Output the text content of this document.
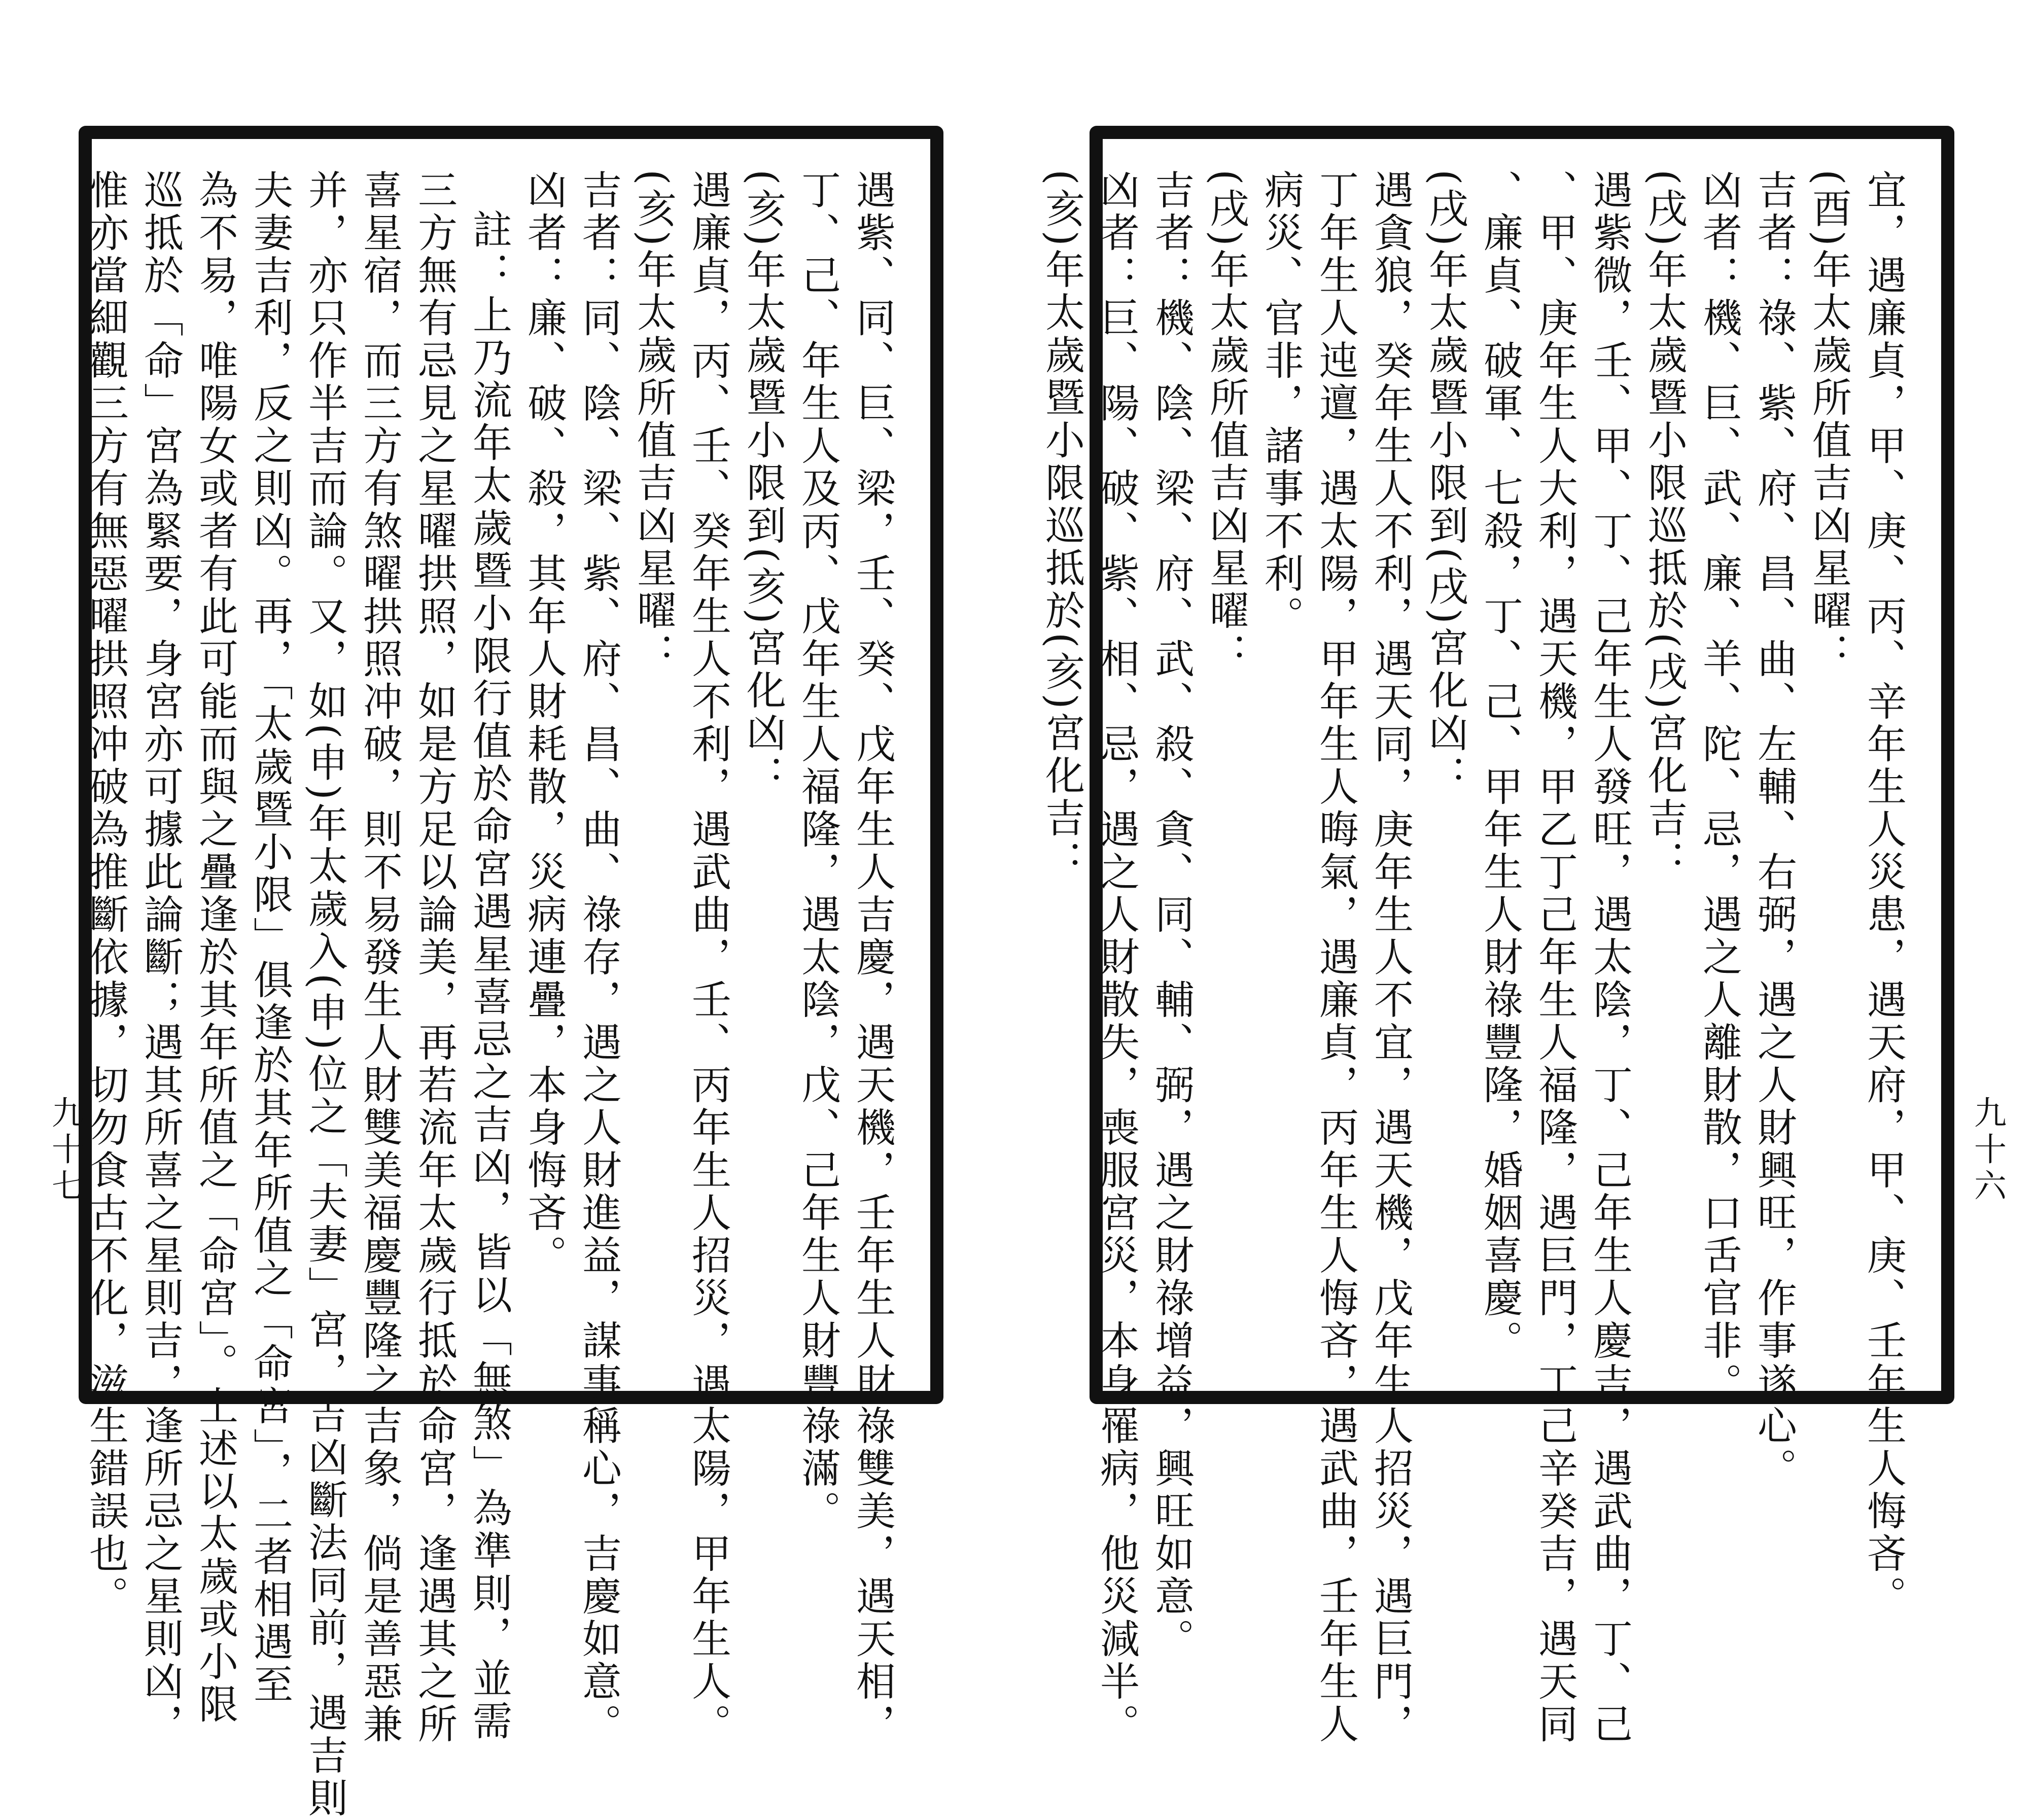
遇紫、同、巨、梁，壬、癸、戊年生人吉慶，遇天機，壬年生人財祿雙美，遇天相，
丁、己、年生人及丙、戊年生人福隆，遇太陰，戊、己年生人財豐祿滿。
(亥)年太歲暨小限到(亥)宮化凶：
遇廉貞，丙、壬、癸年生人不利，遇武曲，壬、丙年生人招災，遇太陽，甲年生人。
(亥)年太歲所值吉凶星曜：
吉者：同、陰、梁、紫、府、昌、曲、祿存，遇之人財進益，謀事稱心，吉慶如意。
凶者：廉、破、殺，其年人財耗散，災病連疊，本身悔吝。
註：上乃流年太歲暨小限行值於命宮遇星喜忌之吉凶，皆以「無煞」為準則，並需
三方無有忌見之星曜拱照，如是方足以論美，再若流年太歲行抵於命宮，逢遇其之所
喜星宿，而三方有煞曜拱照冲破，則不易發生人財雙美福慶豐隆之吉象，倘是善惡兼
并，亦只作半吉而論。又，如(申)年太歲入(申)位之「夫妻」宮，吉凶斷法同前，遇吉則
夫妻吉利，反之則凶。再，「太歲暨小限」俱逢於其年所值之「命宮」，二者相遇至
為不易，唯陽女或者有此可能而與之疊逢於其年所值之「命宮」。上述以太歲或小限
巡抵於「命」宮為緊要，身宮亦可據此論斷；遇其所喜之星則吉，逢所忌之星則凶，
惟亦當細觀三方有無惡曜拱照冲破為推斷依據，切勿食古不化，滋生錯誤也。
九十七	宜，遇廉貞，甲、庚、丙、辛年生人災患，遇天府，甲、庚、壬年生人悔吝。
(酉)年太歲所值吉凶星曜：
吉者：祿、紫、府、昌、曲、左輔、右弼，遇之人財興旺，作事遂心。
凶者：機、巨、武、廉、羊、陀、忌，遇之人離財散，口舌官非。
(戌)年太歲暨小限巡抵於(戌)宮化吉：
遇紫微，壬、甲、丁、己年生人發旺，遇太陰，丁、己年生人慶吉，遇武曲，丁、己
、甲、庚年生人大利，遇天機，甲乙丁己年生人福隆，遇巨門，丁己辛癸吉，遇天同
、廉貞、破軍、七殺，丁、己、甲年生人財祿豐隆，婚姻喜慶。
(戌)年太歲暨小限到(戌)宮化凶：
遇貪狼，癸年生人不利，遇天同，庚年生人不宜，遇天機，戊年生人招災，遇巨門，
丁年生人迍邅，遇太陽，甲年生人晦氣，遇廉貞，丙年生人悔吝，遇武曲，壬年生人
病災、官非，諸事不利。
(戌)年太歲所值吉凶星曜：
吉者：機、陰、梁、府、武、殺、貪、同、輔、弼，遇之財祿增益，興旺如意。
凶者：巨、陽、破、紫、相、忌，遇之人財散失，喪服宮災，本身罹病，他災減半。
(亥)年太歲暨小限巡抵於(亥)宮化吉：
九十六
